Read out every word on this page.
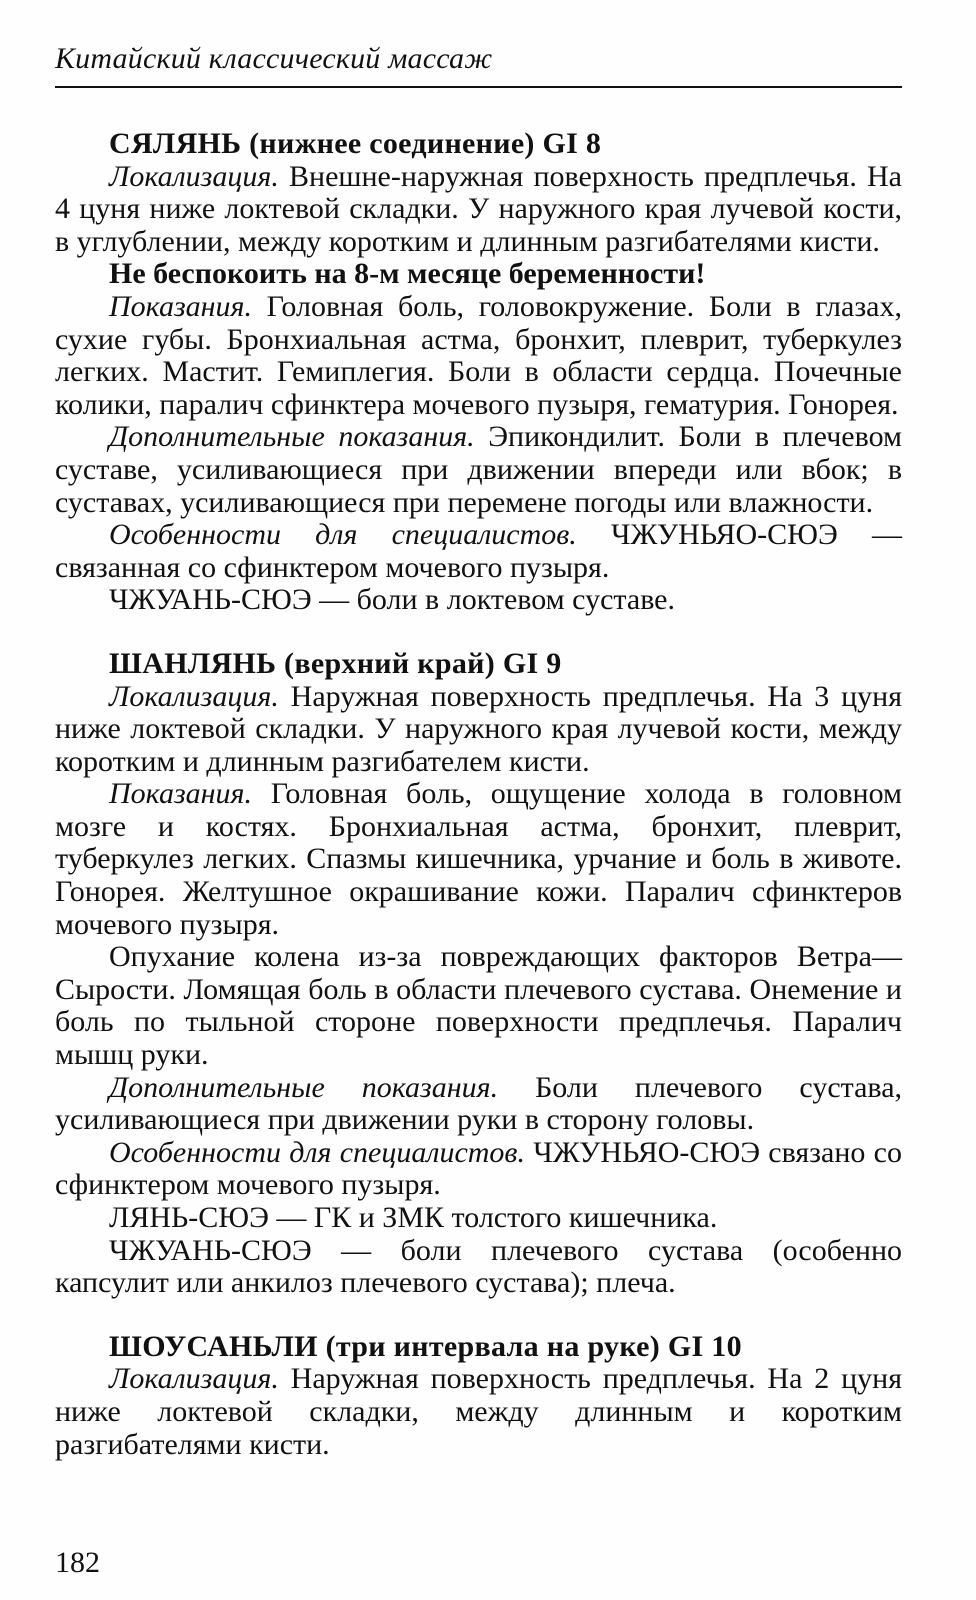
Китайский классический массаж
СЯЛЯНЬ (нижнее соединение) GI 8

Локализация. Внешне-наружная поверхность предплечья. На 4 цуня ниже локтевой складки. У наружного края лучевой кости, в углублении, между коротким и длинным разгибателями кисти.

Не беспокоить на 8-м месяце беременности!

Показания. Головная боль, головокружение. Боли в глазах, сухие губы. Бронхиальная астма, бронхит, плеврит, туберкулез легких. Мастит. Гемиплегия. Боли в области сердца. Почечные колики, паралич сфинктера мочевого пузыря, гематурия. Гонорея.

Дополнительные показания. Эпикондилит. Боли в плечевом суставе, усиливающиеся при движении впереди или вбок; в суставах, усиливающиеся при перемене погоды или влажности.

Особенности для специалистов. ЧЖУНЬЯО-СЮЭ — связанная со сфинктером мочевого пузыря.

ЧЖУАНЬ-СЮЭ — боли в локтевом суставе.

ШАНЛЯНЬ (верхний край) GI 9

Локализация. Наружная поверхность предплечья. На 3 цуня ниже локтевой складки. У наружного края лучевой кости, между коротким и длинным разгибателем кисти.

Показания. Головная боль, ощущение холода в головном мозге и костях. Бронхиальная астма, бронхит, плеврит, туберкулез легких. Спазмы кишечника, урчание и боль в животе. Гонорея. Желтушное окрашивание кожи. Паралич сфинктеров мочевого пузыря.

Опухание колена из-за повреждающих факторов Ветра—Сырости. Ломящая боль в области плечевого сустава. Онемение и боль по тыльной стороне поверхности предплечья. Паралич мышц руки.

Дополнительные показания. Боли плечевого сустава, усиливающиеся при движении руки в сторону головы.

Особенности для специалистов. ЧЖУНЬЯО-СЮЭ связано со сфинктером мочевого пузыря.

ЛЯНЬ-СЮЭ — ГК и ЗМК толстого кишечника.

ЧЖУАНЬ-СЮЭ — боли плечевого сустава (особенно капсулит или анкилоз плечевого сустава); плеча.

ШОУСАНЬЛИ (три интервала на руке) GI 10

Локализация. Наружная поверхность предплечья. На 2 цуня ниже локтевой складки, между длинным и коротким разгибателями кисти.

182
